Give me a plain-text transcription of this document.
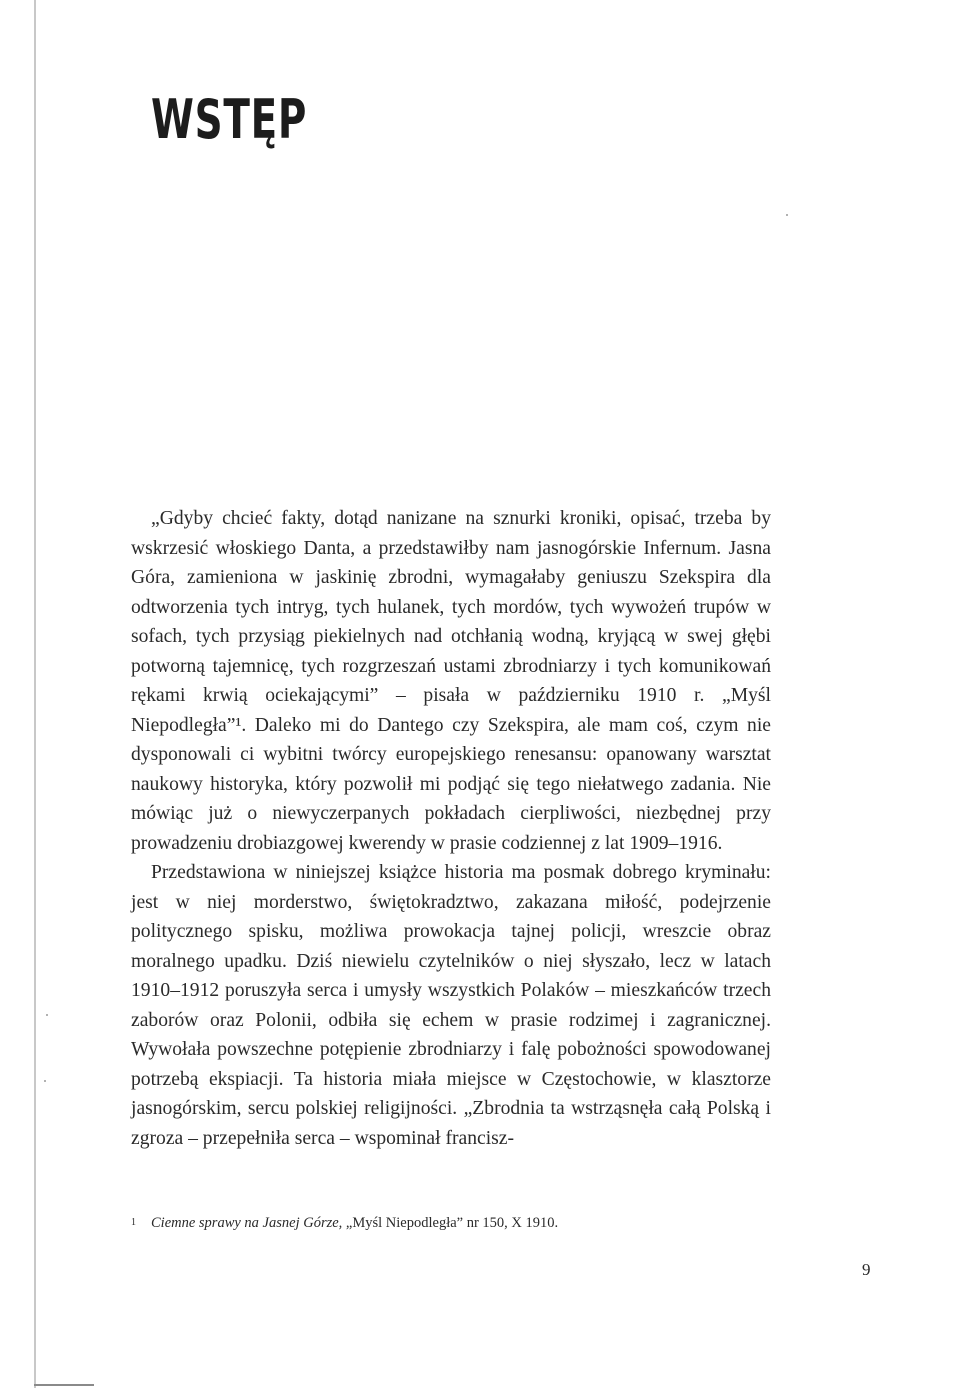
WSTĘP

„Gdyby chcieć fakty, dotąd nanizane na sznurki kroniki, opisać, trzeba by wskrzesić włoskiego Danta, a przedstawiłby nam jasnogórskie Infernum. Jasna Góra, zamieniona w jaskinię zbrodni, wymagałaby geniuszu Szekspira dla odtworzenia tych intryg, tych hulanek, tych mordów, tych wywożeń trupów w sofach, tych przysiąg piekielnych nad otchłanią wodną, kryjącą w swej głębi potworną tajemnicę, tych rozgrzeszań ustami zbrodniarzy i tych komunikowań rękami krwią ociekającymi” – pisała w październiku 1910 r. „Myśl Niepodległa”¹. Daleko mi do Dantego czy Szekspira, ale mam coś, czym nie dysponowali ci wybitni twórcy europejskiego renesansu: opanowany warsztat naukowy historyka, który pozwolił mi podjąć się tego niełatwego zadania. Nie mówiąc już o niewyczerpanych pokładach cierpliwości, niezbędnej przy prowadzeniu drobiazgowej kwerendy w prasie codziennej z lat 1909–1916.

Przedstawiona w niniejszej książce historia ma posmak dobrego kryminału: jest w niej morderstwo, świętokradztwo, zakazana miłość, podejrzenie politycznego spisku, możliwa prowokacja tajnej policji, wreszcie obraz moralnego upadku. Dziś niewielu czytelników o niej słyszało, lecz w latach 1910–1912 poruszyła serca i umysły wszystkich Polaków – mieszkańców trzech zaborów oraz Polonii, odbiła się echem w prasie rodzimej i zagranicznej. Wywołała powszechne potępienie zbrodniarzy i falę pobożności spowodowanej potrzebą ekspiacji. Ta historia miała miejsce w Częstochowie, w klasztorze jasnogórskim, sercu polskiej religijności. „Zbrodnia ta wstrząsnęła całą Polską i zgroza – przepełniła serca – wspominał francisz-

1 Ciemne sprawy na Jasnej Górze, „Myśl Niepodległa” nr 150, X 1910.
9
